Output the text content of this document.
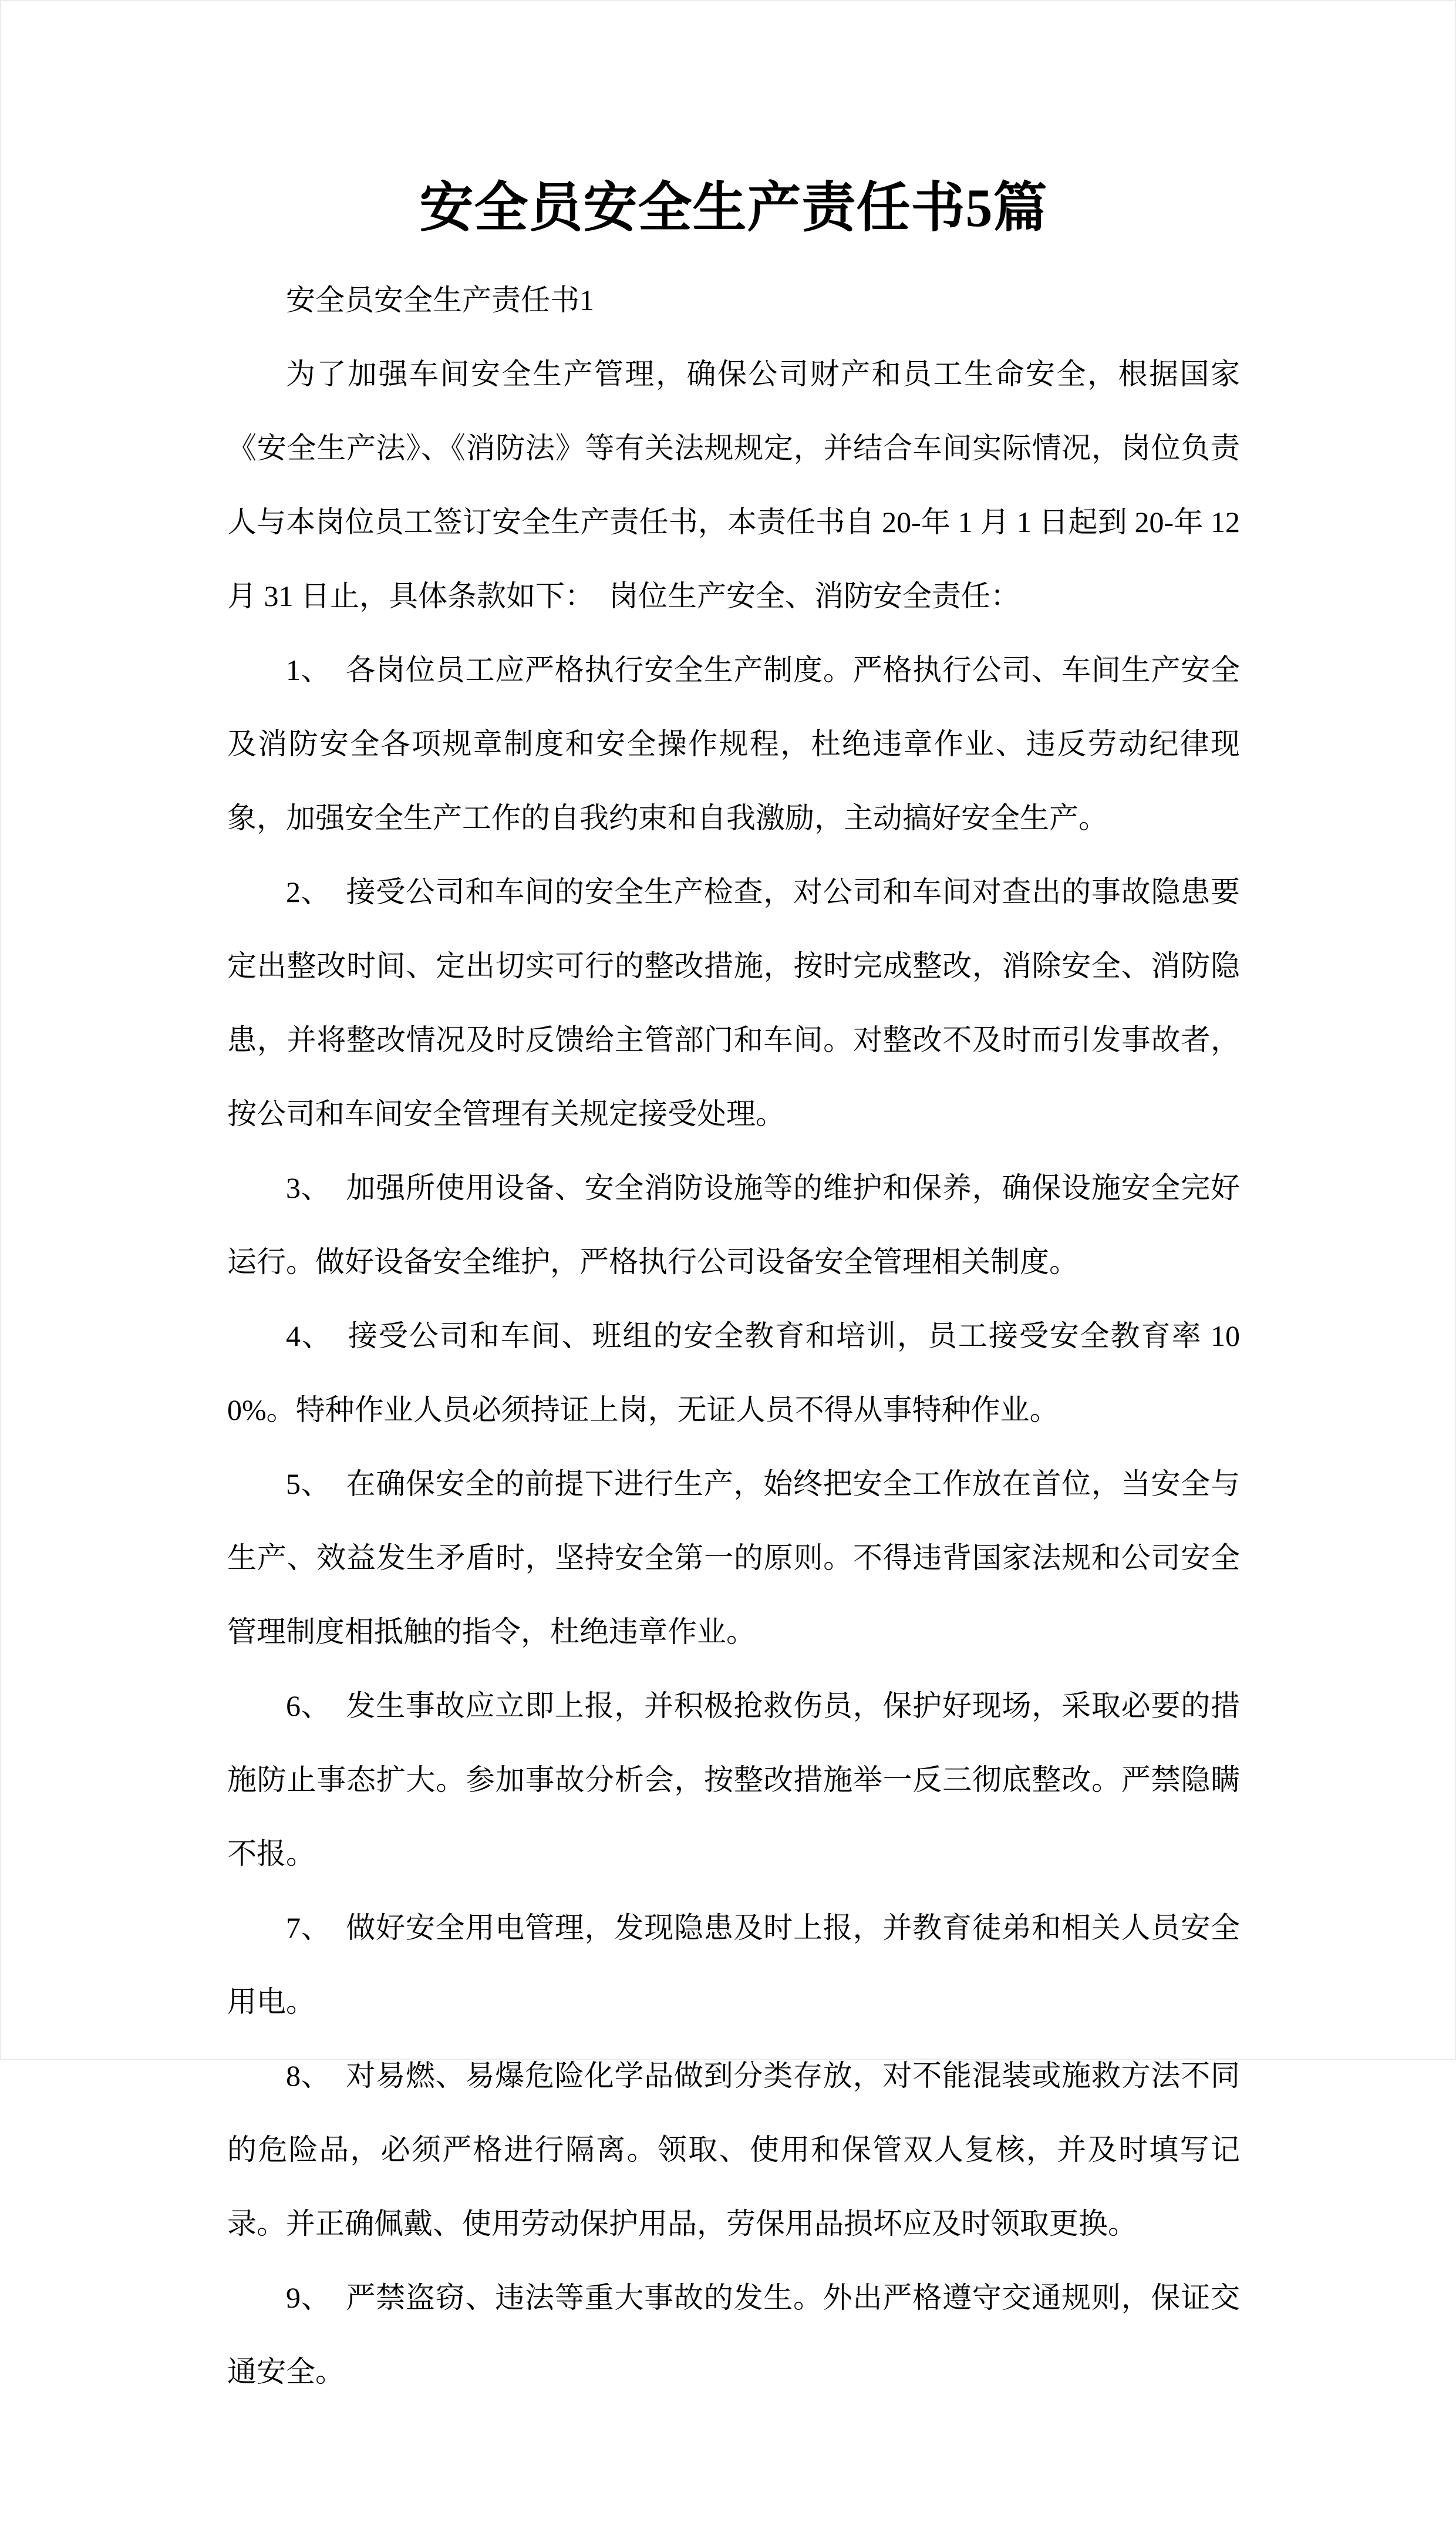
安全员安全生产责任书5篇

安全员安全生产责任书1

为了加强车间安全生产管理，确保公司财产和员工生命安全，根据国家《安全生产法》、《消防法》等有关法规规定，并结合车间实际情况，岗位负责人与本岗位员工签订安全生产责任书，本责任书自 20-年 1 月 1 日起到 20-年 12 月 31 日止，具体条款如下：　岗位生产安全、消防安全责任：

1、　各岗位员工应严格执行安全生产制度。严格执行公司、车间生产安全及消防安全各项规章制度和安全操作规程，杜绝违章作业、违反劳动纪律现象，加强安全生产工作的自我约束和自我激励，主动搞好安全生产。

2、　接受公司和车间的安全生产检查，对公司和车间对查出的事故隐患要定出整改时间、定出切实可行的整改措施，按时完成整改，消除安全、消防隐患，并将整改情况及时反馈给主管部门和车间。对整改不及时而引发事故者，按公司和车间安全管理有关规定接受处理。

3、　加强所使用设备、安全消防设施等的维护和保养，确保设施安全完好运行。做好设备安全维护，严格执行公司设备安全管理相关制度。

4、　接受公司和车间、班组的安全教育和培训，员工接受安全教育率 100%。特种作业人员必须持证上岗，无证人员不得从事特种作业。

5、　在确保安全的前提下进行生产，始终把安全工作放在首位，当安全与生产、效益发生矛盾时，坚持安全第一的原则。不得违背国家法规和公司安全管理制度相抵触的指令，杜绝违章作业。

6、　发生事故应立即上报，并积极抢救伤员，保护好现场，采取必要的措施防止事态扩大。参加事故分析会，按整改措施举一反三彻底整改。严禁隐瞒不报。

7、　做好安全用电管理，发现隐患及时上报，并教育徒弟和相关人员安全用电。

8、　对易燃、易爆危险化学品做到分类存放，对不能混装或施救方法不同的危险品，必须严格进行隔离。领取、使用和保管双人复核，并及时填写记录。并正确佩戴、使用劳动保护用品，劳保用品损坏应及时领取更换。

9、　严禁盗窃、违法等重大事故的发生。外出严格遵守交通规则，保证交通安全。
